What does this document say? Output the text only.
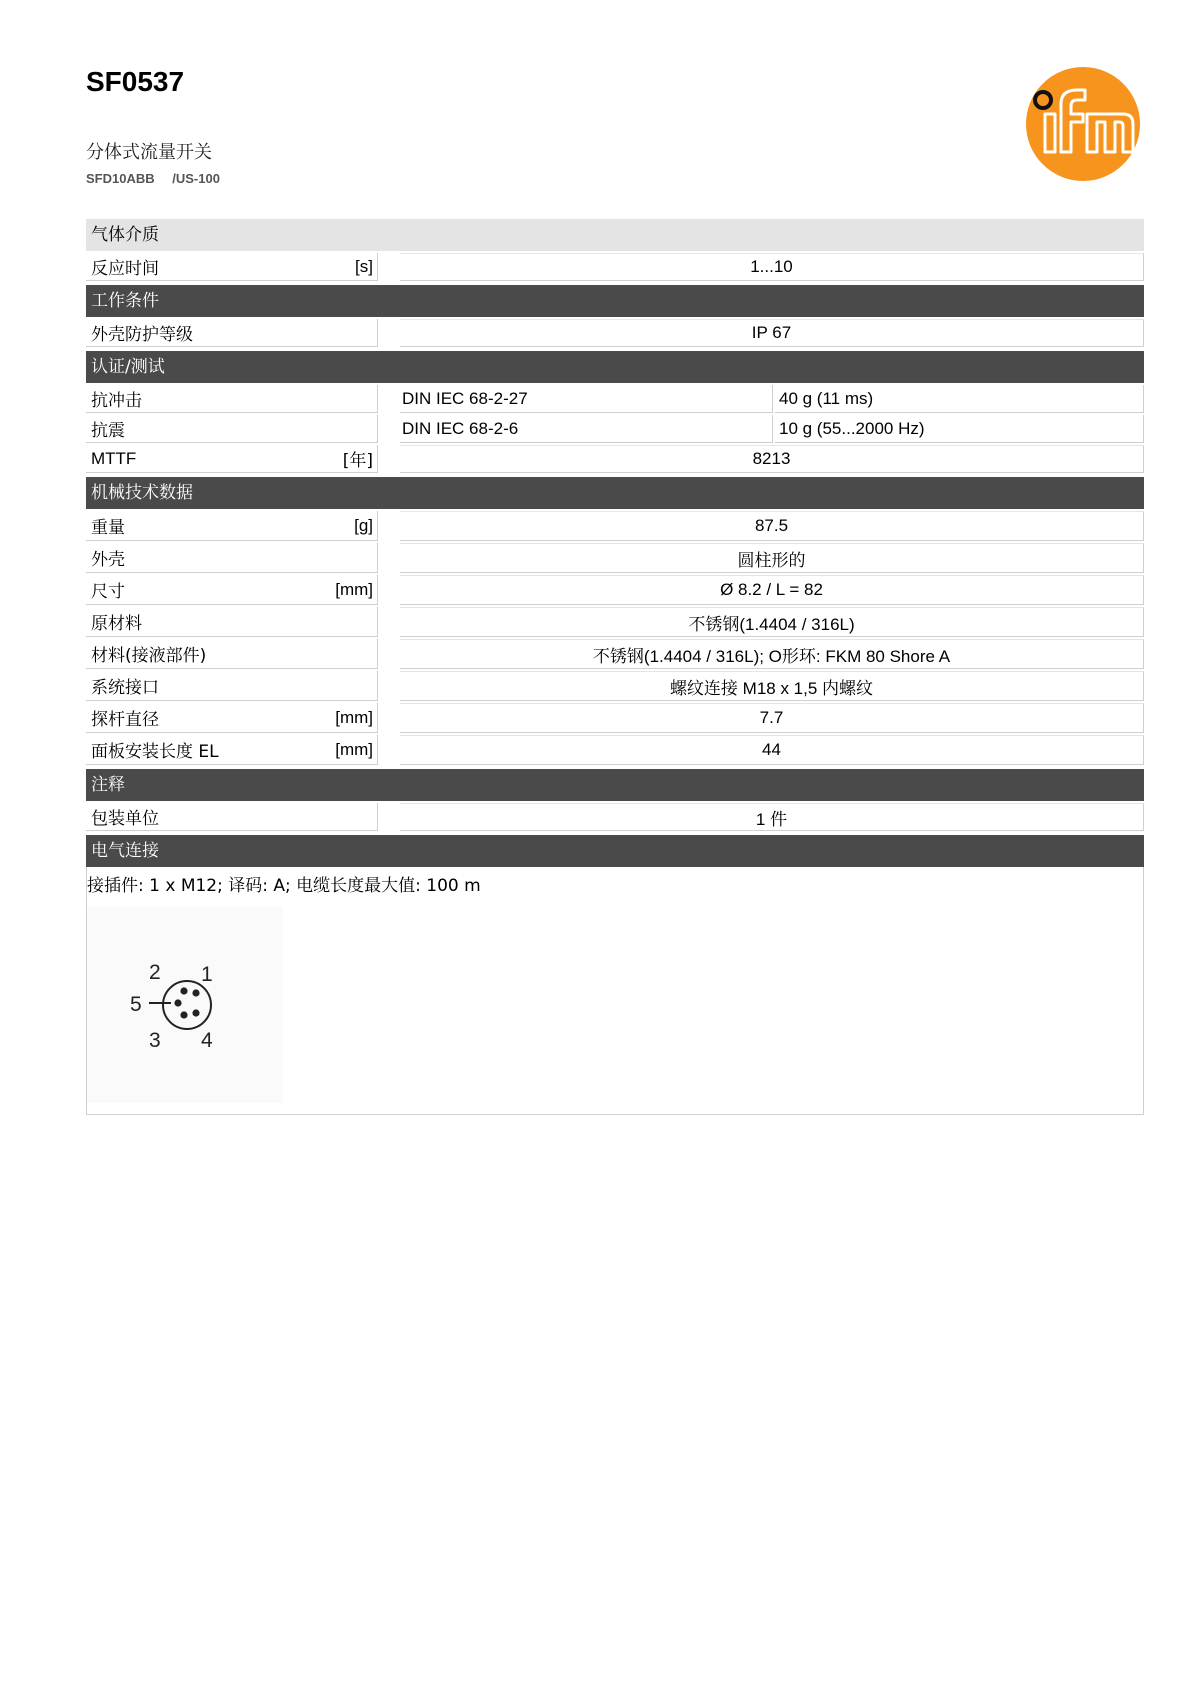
SF0537
分体式流量开关
SFD10ABB /US-100
气体介质
反应时间	[s]	1...10
工作条件
外壳防护等级	IP 67
认证/测试
抗冲击	DIN IEC 68-2-27	40 g (11 ms)
抗震	DIN IEC 68-2-6	10 g (55...2000 Hz)
MTTF	[年]	8213
机械技术数据
重量	[g]	87.5
外壳	圆柱形的
尺寸	[mm]	Ø 8.2 / L = 82
原材料	不锈钢(1.4404 / 316L)
材料(接液部件)	不锈钢(1.4404 / 316L); O形环: FKM 80 Shore A
系统接口	螺纹连接 M18 x 1,5 内螺纹
探杆直径	[mm]	7.7
面板安装长度 EL	[mm]	44
注释
包装单位	1 件
电气连接
接插件: 1 x M12; 译码: A; 电缆长度最大值: 100 m
1
2
3 4
5
